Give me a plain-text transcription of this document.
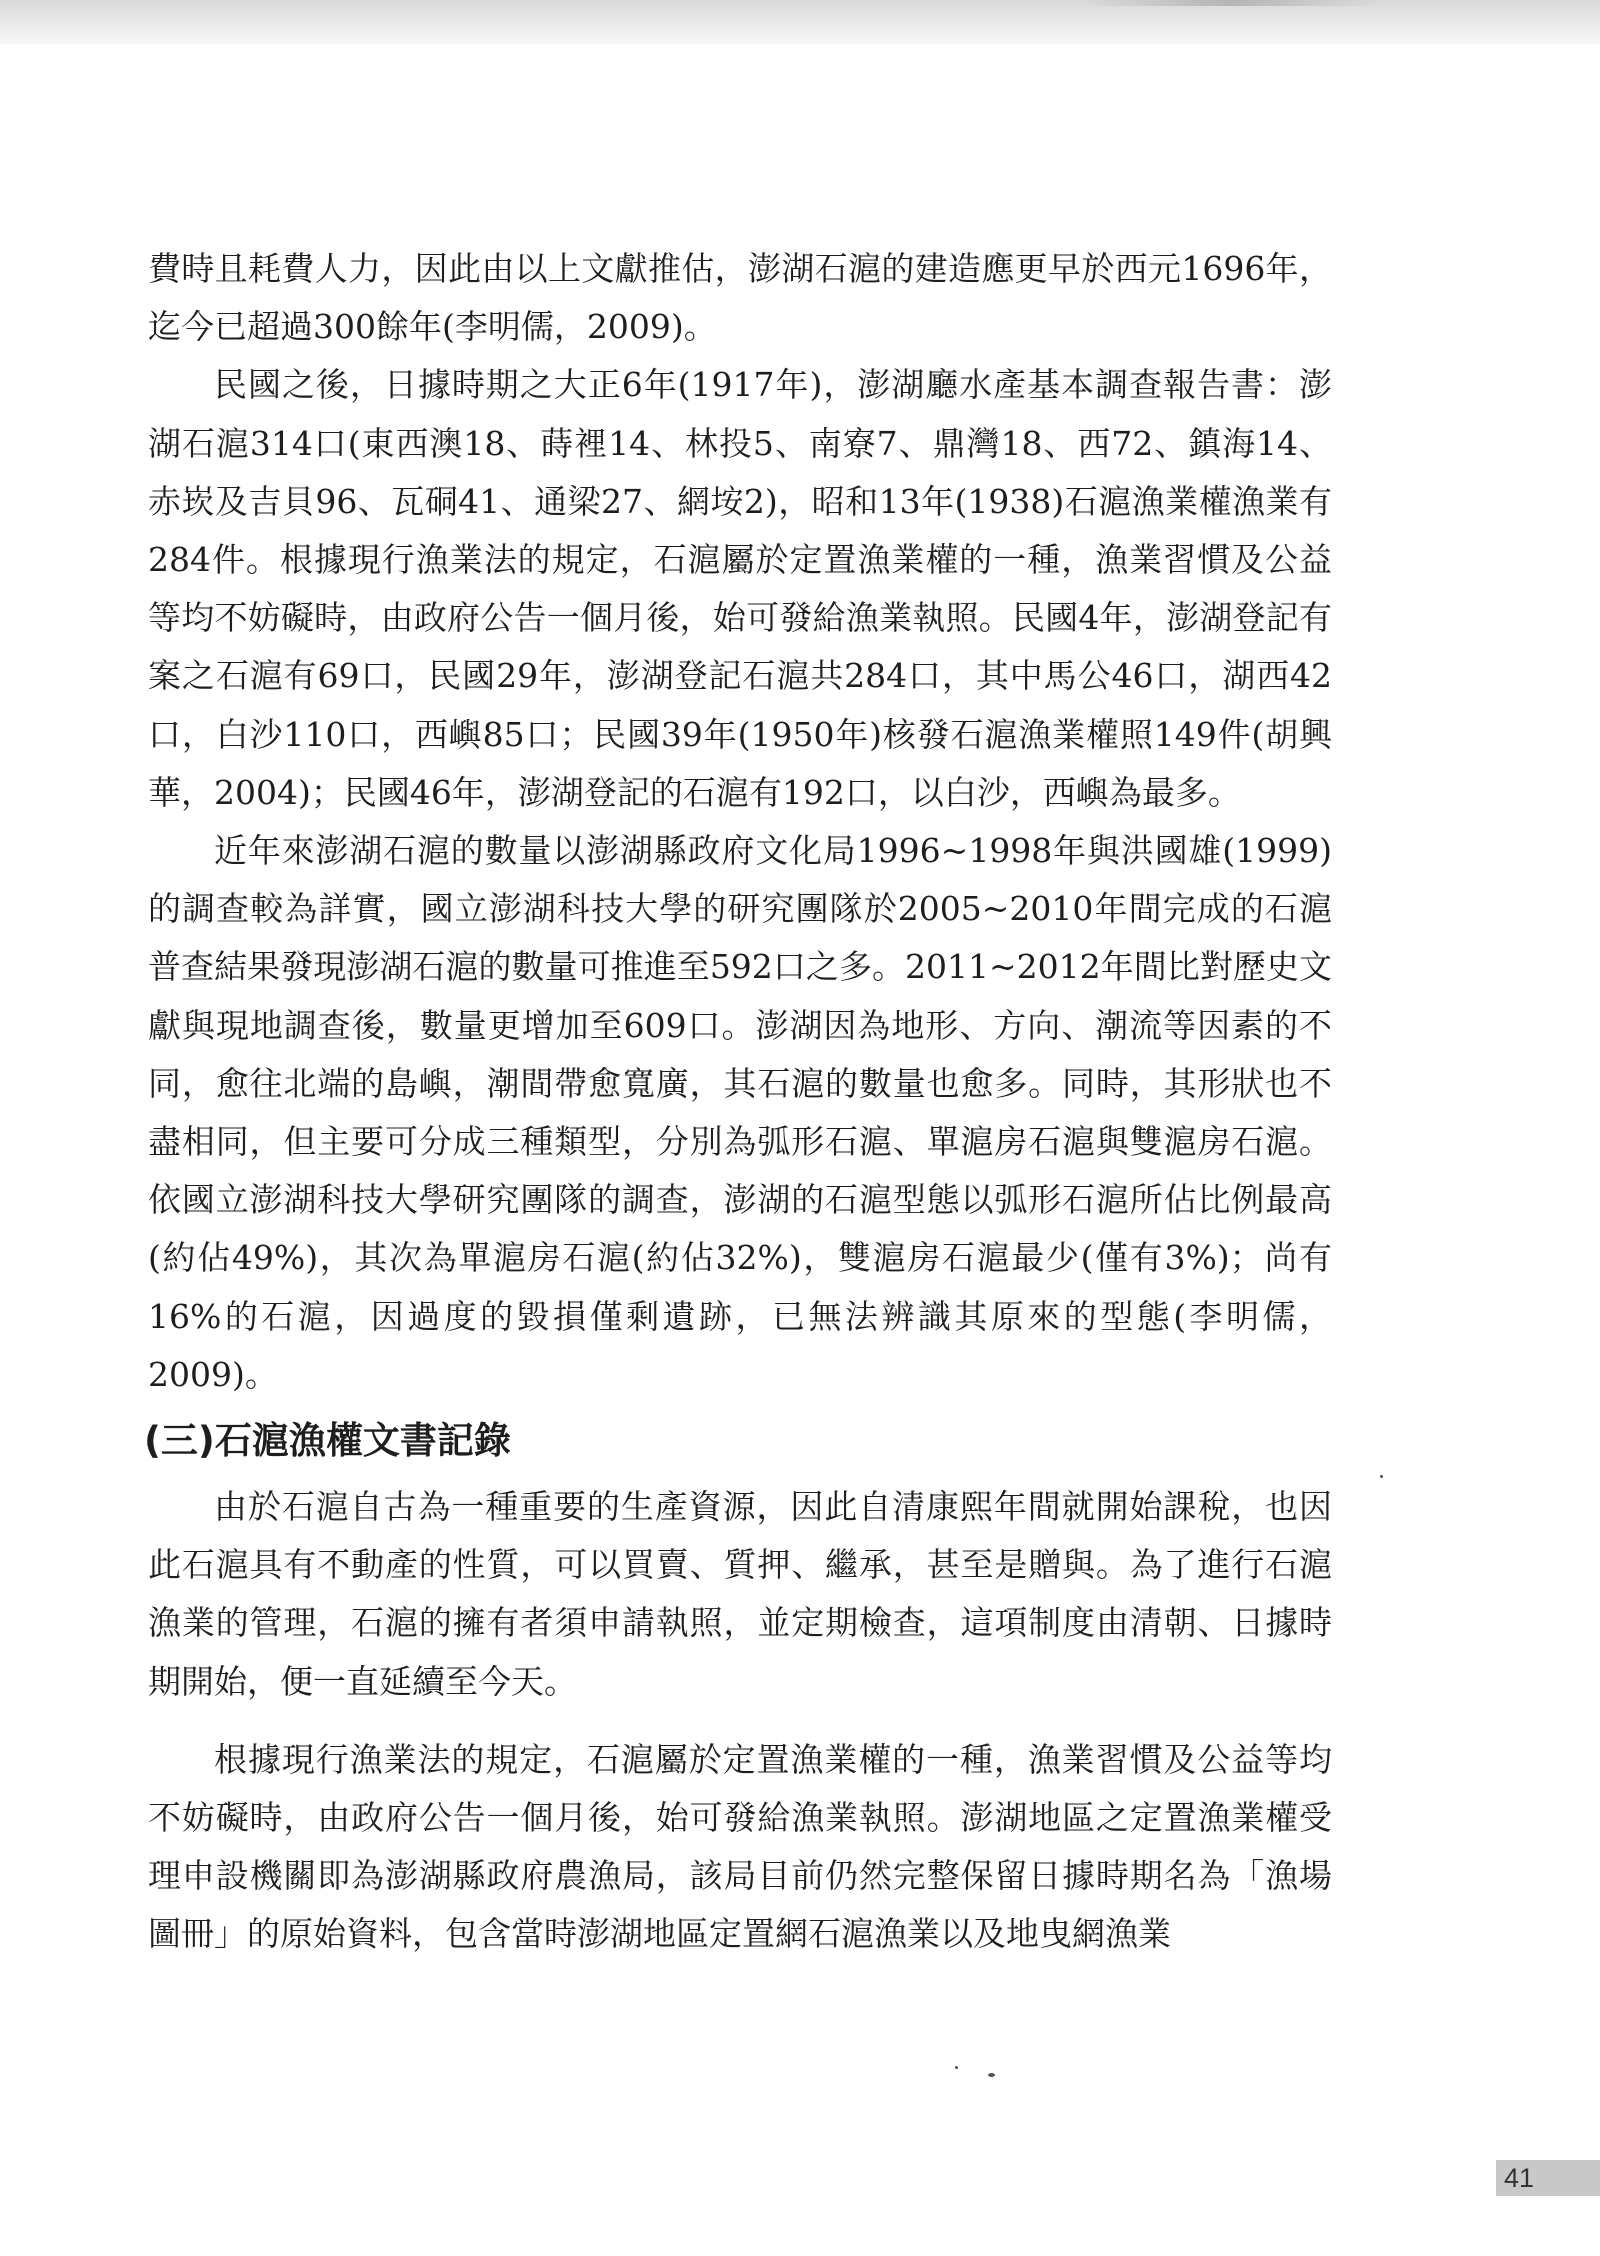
費時且耗費人力，因此由以上文獻推估，澎湖石滬的建造應更早於西元1696年，迄今已超過300餘年(李明儒，2009)。

民國之後，日據時期之大正6年(1917年)，澎湖廳水產基本調查報告書：澎湖石滬314口(東西澳18、蒔裡14、林投5、南寮7、鼎灣18、西72、鎮海14、赤崁及吉貝96、瓦硐41、通梁27、網垵2)，昭和13年(1938)石滬漁業權漁業有284件。根據現行漁業法的規定，石滬屬於定置漁業權的一種，漁業習慣及公益等均不妨礙時，由政府公告一個月後，始可發給漁業執照。民國4年，澎湖登記有案之石滬有69口，民國29年，澎湖登記石滬共284口，其中馬公46口，湖西42口，白沙110口，西嶼85口；民國39年(1950年)核發石滬漁業權照149件(胡興華，2004)；民國46年，澎湖登記的石滬有192口，以白沙，西嶼為最多。

近年來澎湖石滬的數量以澎湖縣政府文化局1996~1998年與洪國雄(1999)的調查較為詳實，國立澎湖科技大學的研究團隊於2005~2010年間完成的石滬普查結果發現澎湖石滬的數量可推進至592口之多。2011~2012年間比對歷史文獻與現地調查後，數量更增加至609口。澎湖因為地形、方向、潮流等因素的不同，愈往北端的島嶼，潮間帶愈寬廣，其石滬的數量也愈多。同時，其形狀也不盡相同，但主要可分成三種類型，分別為弧形石滬、單滬房石滬與雙滬房石滬。依國立澎湖科技大學研究團隊的調查，澎湖的石滬型態以弧形石滬所佔比例最高(約佔49%)，其次為單滬房石滬(約佔32%)，雙滬房石滬最少(僅有3%)；尚有16%的石滬，因過度的毀損僅剩遺跡，已無法辨識其原來的型態(李明儒，2009)。

(三)石滬漁權文書記錄

由於石滬自古為一種重要的生產資源，因此自清康熙年間就開始課稅，也因此石滬具有不動產的性質，可以買賣、質押、繼承，甚至是贈與。為了進行石滬漁業的管理，石滬的擁有者須申請執照，並定期檢查，這項制度由清朝、日據時期開始，便一直延續至今天。

根據現行漁業法的規定，石滬屬於定置漁業權的一種，漁業習慣及公益等均不妨礙時，由政府公告一個月後，始可發給漁業執照。澎湖地區之定置漁業權受理申設機關即為澎湖縣政府農漁局，該局目前仍然完整保留日據時期名為「漁場圖冊」的原始資料，包含當時澎湖地區定置網石滬漁業以及地曳網漁業

41
